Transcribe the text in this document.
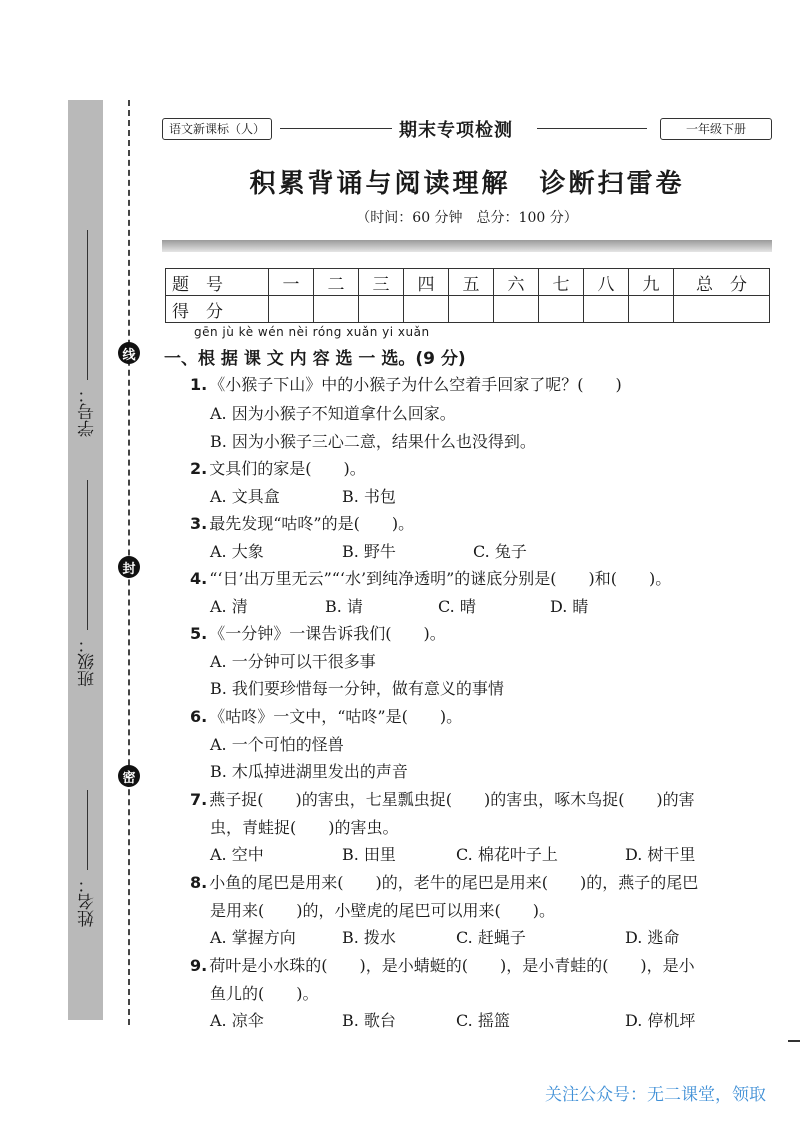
线
封
密
学号：
班级：
姓名：
语文新课标（人）	期末专项检测	一年级下册
积累背诵与阅读理解　诊断扫雷卷
（时间：60 分钟　总分：100 分）
题　号	一	二	三	四	五	六	七	八	九	总　分
得　分										
gēn jù kè wén nèi róng xuǎn yi xuǎn
一、根 据 课 文 内 容 选 一 选。(9 分)
1. 《小猴子下山》中的小猴子为什么空着手回家了呢？(　　)
A. 因为小猴子不知道拿什么回家。
B. 因为小猴子三心二意，结果什么也没得到。
2. 文具们的家是(　　)。
A. 文具盒	B. 书包
3. 最先发现“咕咚”的是(　　)。
A. 大象	B. 野牛	C. 兔子
4. “‘日’出万里无云”“‘水’到纯净透明”的谜底分别是(　　)和(　　)。
A. 清	B. 请	C. 晴	D. 睛
5. 《一分钟》一课告诉我们(　　)。
A. 一分钟可以干很多事
B. 我们要珍惜每一分钟，做有意义的事情
6. 《咕咚》一文中，“咕咚”是(　　)。
A. 一个可怕的怪兽
B. 木瓜掉进湖里发出的声音
7. 燕子捉(　　)的害虫，七星瓢虫捉(　　)的害虫，啄木鸟捉(　　)的害
虫，青蛙捉(　　)的害虫。
A. 空中	B. 田里	C. 棉花叶子上	D. 树干里
8. 小鱼的尾巴是用来(　　)的，老牛的尾巴是用来(　　)的，燕子的尾巴
是用来(　　)的，小壁虎的尾巴可以用来(　　)。
A. 掌握方向	B. 拨水	C. 赶蝇子	D. 逃命
9. 荷叶是小水珠的(　　)，是小蜻蜓的(　　)，是小青蛙的(　　)，是小
鱼儿的(　　)。
A. 凉伞	B. 歌台	C. 摇篮	D. 停机坪
关注公众号：无二课堂，领取
